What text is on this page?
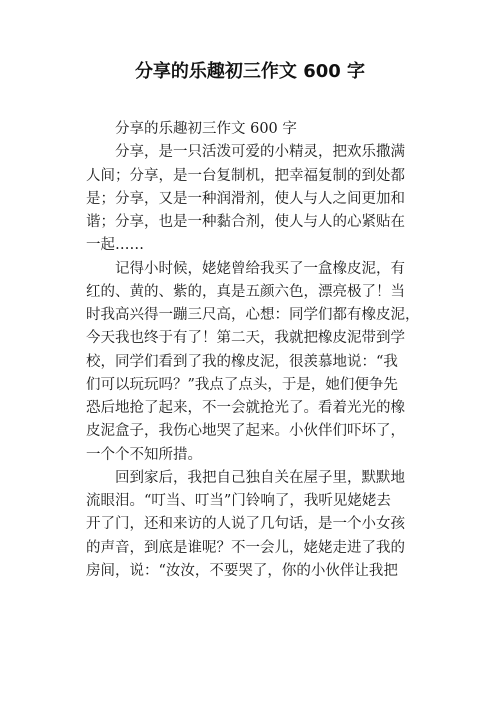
分享的乐趣初三作文 600 字
分享的乐趣初三作文 600 字
分享，是一只活泼可爱的小精灵，把欢乐撒满
人间；分享，是一台复制机，把幸福复制的到处都
是；分享，又是一种润滑剂，使人与人之间更加和
谐；分享，也是一种黏合剂，使人与人的心紧贴在
一起……
记得小时候，姥姥曾给我买了一盒橡皮泥，有
红的、黄的、紫的，真是五颜六色，漂亮极了！当
时我高兴得一蹦三尺高，心想：同学们都有橡皮泥，
今天我也终于有了！第二天，我就把橡皮泥带到学
校，同学们看到了我的橡皮泥，很羡慕地说：“我
们可以玩玩吗？”我点了点头，于是，她们便争先
恐后地抢了起来，不一会就抢光了。看着光光的橡
皮泥盒子，我伤心地哭了起来。小伙伴们吓坏了，
一个个不知所措。
回到家后，我把自己独自关在屋子里，默默地
流眼泪。“叮当、叮当”门铃响了，我听见姥姥去
开了门，还和来访的人说了几句话，是一个小女孩
的声音，到底是谁呢？不一会儿，姥姥走进了我的
房间，说：“汝汝，不要哭了，你的小伙伴让我把
